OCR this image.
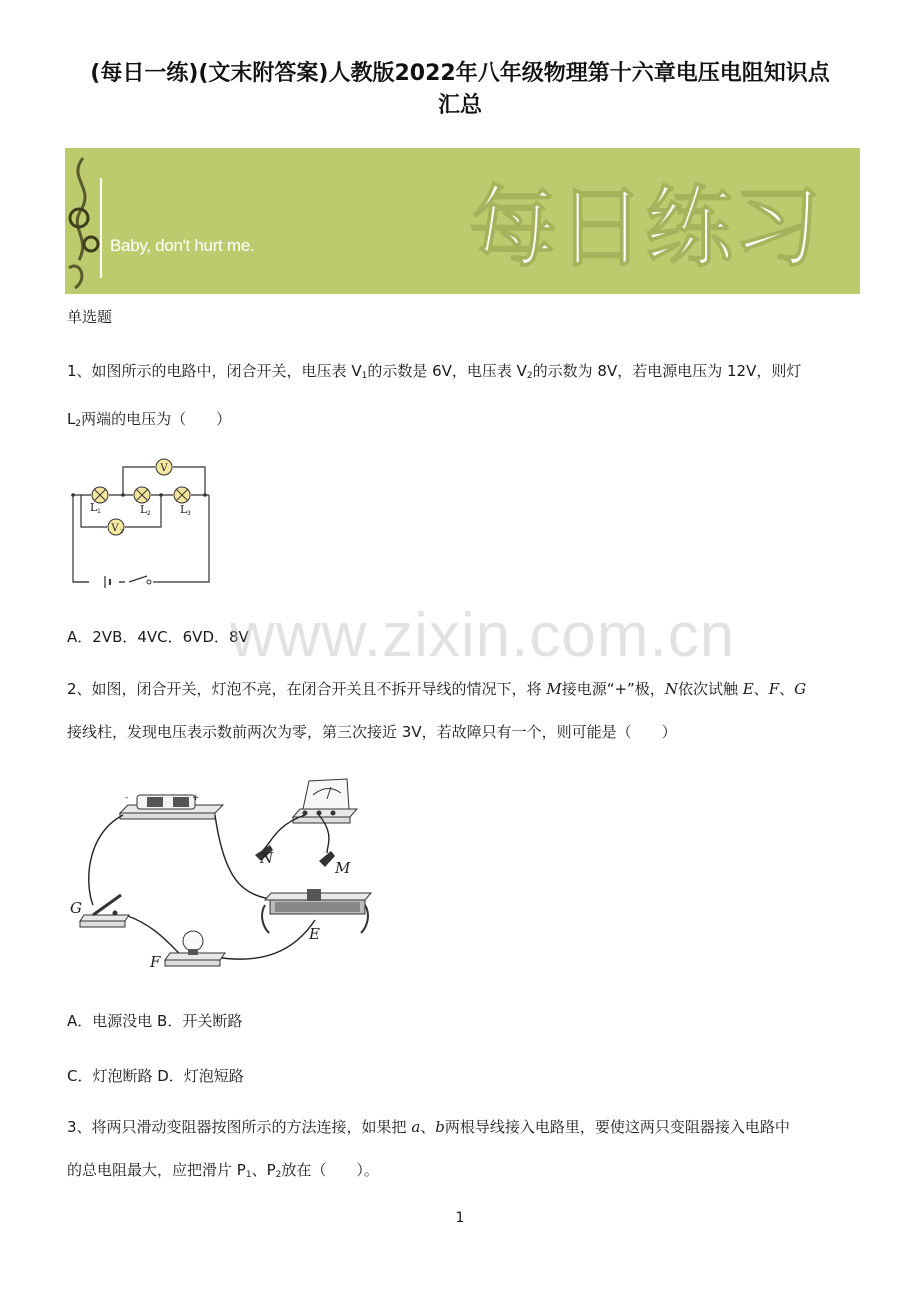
(每日一练)(文末附答案)人教版2022年八年级物理第十六章电压电阻知识点
汇总
Baby, don't hurt me. 每日练习
单选题
1、如图所示的电路中，闭合开关，电压表 $V_1$的示数是 6V，电压表 $V_2$的示数为 8V，若电源电压为 12V，则灯
$L_2$两端的电压为（　　）
V
V 2
L 1	L 2	L 3
A．2VB．4VC．6VD．8V
www.zixin.com.cn
2、如图，闭合开关，灯泡不亮，在闭合开关且不拆开导线的情况下，将 M接电源“+”极，N依次试触 E、F、G
接线柱，发现电压表示数前两次为零，第三次接近 3V，若故障只有一个，则可能是（　　）
-	+
N
M
G
E
F
A．电源没电 B．开关断路
C．灯泡断路 D．灯泡短路
3、将两只滑动变阻器按图所示的方法连接，如果把 a、b两根导线接入电路里，要使这两只变阻器接入电路中
的总电阻最大，应把滑片 $P_1$、$P_2$放在（　　）。
1
